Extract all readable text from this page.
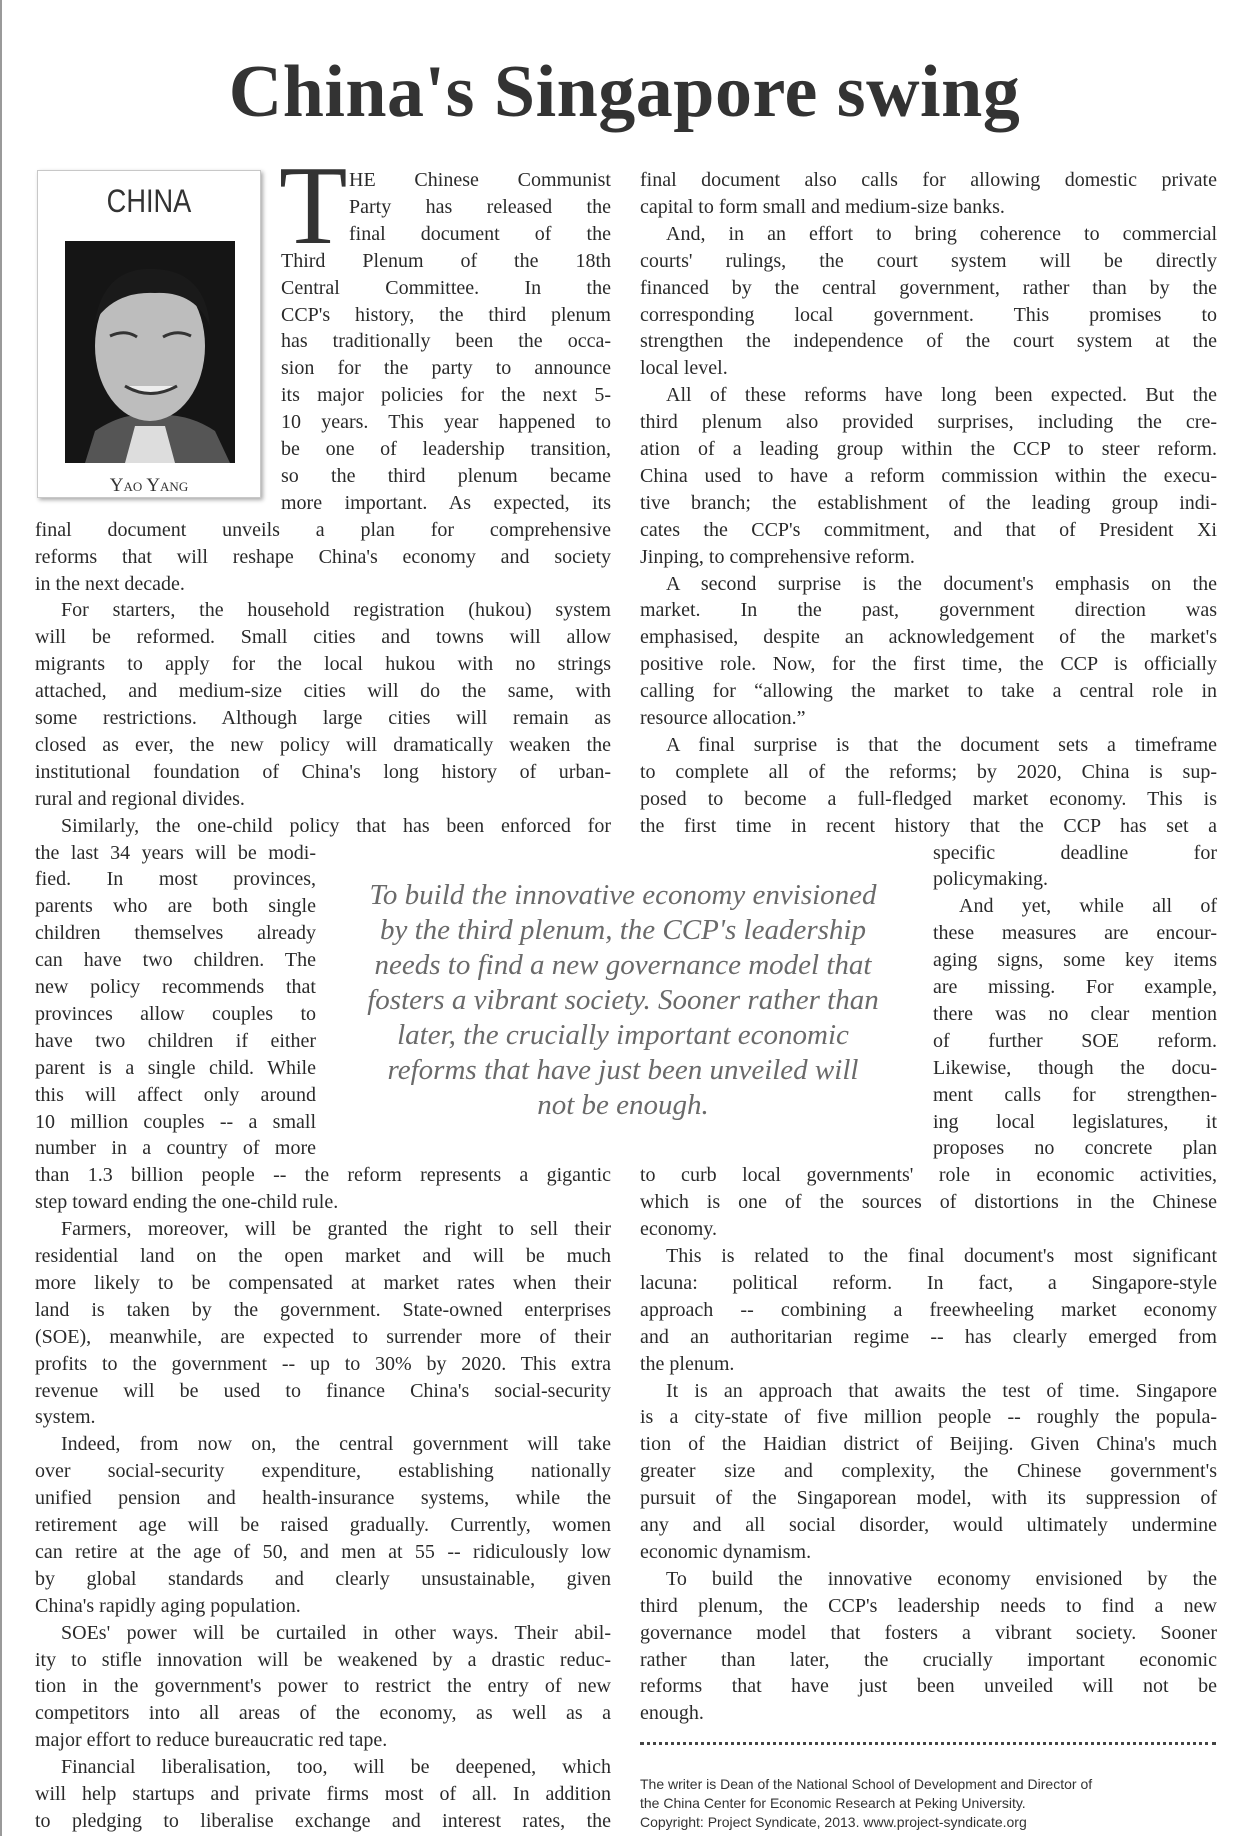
China's Singapore swing
CHINA
Yao Yang
T HE Chinese Communist
Party has released the
final document of the
Third Plenum of the 18th
Central Committee. In the
CCP's history, the third plenum
has traditionally been the occa-
sion for the party to announce
its major policies for the next 5-
10 years. This year happened to
be one of leadership transition,
so the third plenum became
more important. As expected, its
final document unveils a plan for comprehensive
reforms that will reshape China's economy and society
in the next decade.
For starters, the household registration (hukou) system
will be reformed. Small cities and towns will allow
migrants to apply for the local hukou with no strings
attached, and medium-size cities will do the same, with
some restrictions. Although large cities will remain as
closed as ever, the new policy will dramatically weaken the
institutional foundation of China's long history of urban-
rural and regional divides.
Similarly, the one-child policy that has been enforced for
the last 34 years will be modi-
fied. In most provinces,
parents who are both single
children themselves already
can have two children. The
new policy recommends that
provinces allow couples to
have two children if either
parent is a single child. While
this will affect only around
10 million couples -- a small
number in a country of more
than 1.3 billion people -- the reform represents a gigantic
step toward ending the one-child rule.
Farmers, moreover, will be granted the right to sell their
residential land on the open market and will be much
more likely to be compensated at market rates when their
land is taken by the government. State-owned enterprises
(SOE), meanwhile, are expected to surrender more of their
profits to the government -- up to 30% by 2020. This extra
revenue will be used to finance China's social-security
system.
Indeed, from now on, the central government will take
over social-security expenditure, establishing nationally
unified pension and health-insurance systems, while the
retirement age will be raised gradually. Currently, women
can retire at the age of 50, and men at 55 -- ridiculously low
by global standards and clearly unsustainable, given
China's rapidly aging population.
SOEs' power will be curtailed in other ways. Their abil-
ity to stifle innovation will be weakened by a drastic reduc-
tion in the government's power to restrict the entry of new
competitors into all areas of the economy, as well as a
major effort to reduce bureaucratic red tape.
Financial liberalisation, too, will be deepened, which
will help startups and private firms most of all. In addition
to pledging to liberalise exchange and interest rates, the
final document also calls for allowing domestic private
capital to form small and medium-size banks.
And, in an effort to bring coherence to commercial
courts' rulings, the court system will be directly
financed by the central government, rather than by the
corresponding local government. This promises to
strengthen the independence of the court system at the
local level.
All of these reforms have long been expected. But the
third plenum also provided surprises, including the cre-
ation of a leading group within the CCP to steer reform.
China used to have a reform commission within the execu-
tive branch; the establishment of the leading group indi-
cates the CCP's commitment, and that of President Xi
Jinping, to comprehensive reform.
A second surprise is the document's emphasis on the
market. In the past, government direction was
emphasised, despite an acknowledgement of the market's
positive role. Now, for the first time, the CCP is officially
calling for “allowing the market to take a central role in
resource allocation.”
A final surprise is that the document sets a timeframe
to complete all of the reforms; by 2020, China is sup-
posed to become a full-fledged market economy. This is
the first time in recent history that the CCP has set a
specific deadline for
policymaking.
And yet, while all of
these measures are encour-
aging signs, some key items
are missing. For example,
there was no clear mention
of further SOE reform.
Likewise, though the docu-
ment calls for strengthen-
ing local legislatures, it
proposes no concrete plan
to curb local governments' role in economic activities,
which is one of the sources of distortions in the Chinese
economy.
This is related to the final document's most significant
lacuna: political reform. In fact, a Singapore-style
approach -- combining a freewheeling market economy
and an authoritarian regime -- has clearly emerged from
the plenum.
It is an approach that awaits the test of time. Singapore
is a city-state of five million people -- roughly the popula-
tion of the Haidian district of Beijing. Given China's much
greater size and complexity, the Chinese government's
pursuit of the Singaporean model, with its suppression of
any and all social disorder, would ultimately undermine
economic dynamism.
To build the innovative economy envisioned by the
third plenum, the CCP's leadership needs to find a new
governance model that fosters a vibrant society. Sooner
rather than later, the crucially important economic
reforms that have just been unveiled will not be
enough.
To build the innovative economy envisioned
by the third plenum, the CCP's leadership
needs to find a new governance model that
fosters a vibrant society. Sooner rather than
later, the crucially important economic
reforms that have just been unveiled will
not be enough.
The writer is Dean of the National School of Development and Director of
the China Center for Economic Research at Peking University.
Copyright: Project Syndicate, 2013. www.project-syndicate.org
